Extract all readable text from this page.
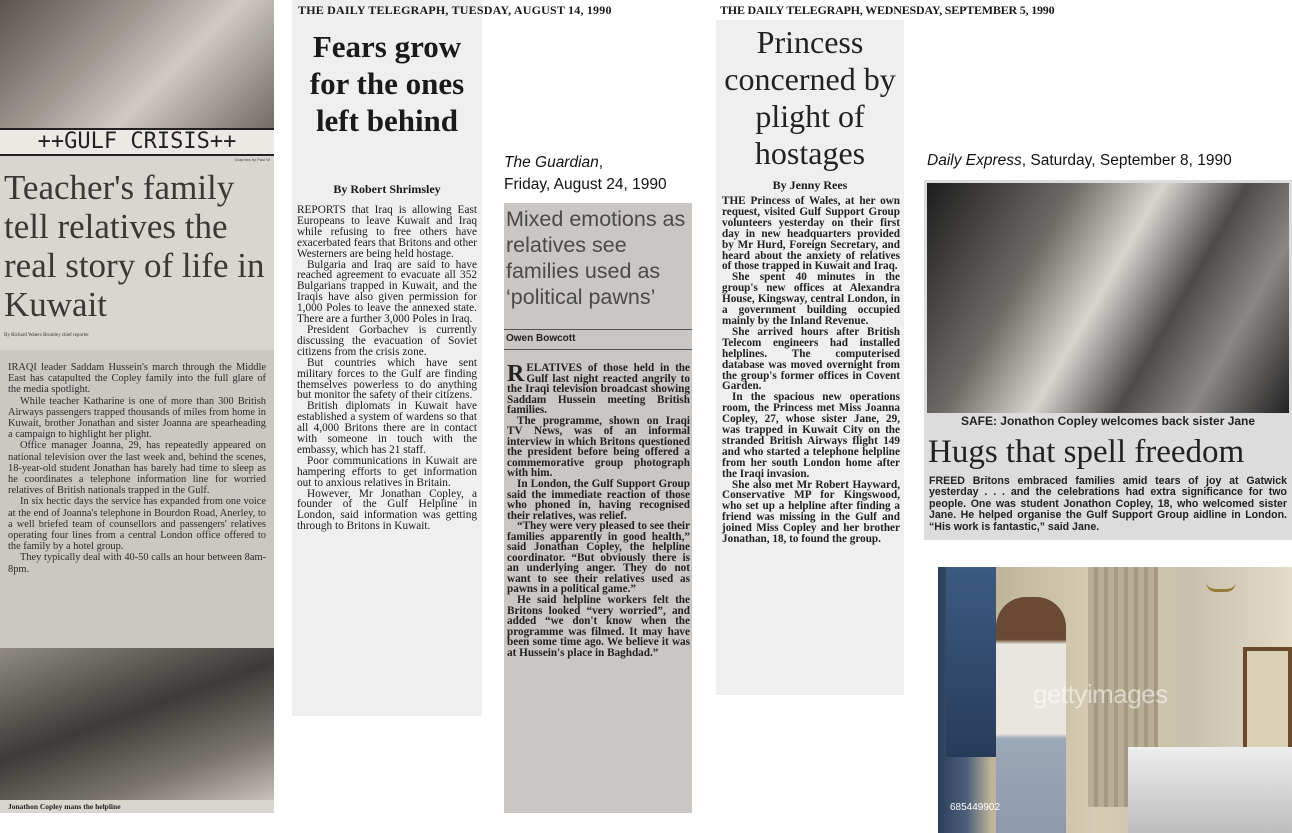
++GULF CRISIS++
Graphics by Paul W
Teacher's family tell relatives the real story of life in Kuwait
By Richard Waters Brumley chief reporter

IRAQI leader Saddam Hussein's march through the Middle East has catapulted the Copley family into the full glare of the media spotlight.

While teacher Katharine is one of more than 300 British Airways passengers trapped thousands of miles from home in Kuwait, brother Jonathan and sister Joanna are spearheading a campaign to highlight her plight.

Office manager Joanna, 29, has repeatedly appeared on national television over the last week and, behind the scenes, 18-year-old student Jonathan has barely had time to sleep as he coordinates a telephone information line for worried relatives of British nationals trapped in the Gulf.

In six hectic days the service has expanded from one voice at the end of Joanna's telephone in Bourdon Road, Anerley, to a well briefed team of counsellors and passengers' relatives operating four lines from a central London office offered to the family by a hotel group.

They typically deal with 40-50 calls an hour between 8am-8pm.

Jonathon Copley mans the helpline
THE DAILY TELEGRAPH, TUESDAY, AUGUST 14, 1990
Fears grow for the ones left behind
By Robert Shrimsley

REPORTS that Iraq is allowing East Europeans to leave Kuwait and Iraq while refusing to free others have exacerbated fears that Britons and other Westerners are being held hostage.

Bulgaria and Iraq are said to have reached agreement to evacuate all 352 Bulgarians trapped in Kuwait, and the Iraqis have also given permission for 1,000 Poles to leave the annexed state. There are a further 3,000 Poles in Iraq.

President Gorbachev is currently discussing the evacuation of Soviet citizens from the crisis zone.

But countries which have sent military forces to the Gulf are finding themselves powerless to do anything but monitor the safety of their citizens.

British diplomats in Kuwait have established a system of wardens so that all 4,000 Britons there are in contact with someone in touch with the embassy, which has 21 staff.

Poor communications in Kuwait are hampering efforts to get information out to anxious relatives in Britain.

However, Mr Jonathan Copley, a founder of the Gulf Helpline in London, said information was getting through to Britons in Kuwait.

The Guardian,
Friday, August 24, 1990
Mixed emotions as relatives see families used as ‘political pawns’
Owen Bowcott

RELATIVES of those held in the Gulf last night reacted angrily to the Iraqi television broadcast showing Saddam Hussein meeting British families.

The programme, shown on Iraqi TV News, was of an informal interview in which Britons questioned the president before being offered a commemorative group photograph with him.

In London, the Gulf Support Group said the immediate reaction of those who phoned in, having recognised their relatives, was relief.

“They were very pleased to see their families apparently in good health,” said Jonathan Copley, the helpline coordinator. “But obviously there is an underlying anger. They do not want to see their relatives used as pawns in a political game.”

He said helpline workers felt the Britons looked “very worried”, and added “we don't know when the programme was filmed. It may have been some time ago. We believe it was at Hussein's place in Baghdad.”

THE DAILY TELEGRAPH, WEDNESDAY, SEPTEMBER 5, 1990
Princess concerned by plight of hostages
By Jenny Rees

THE Princess of Wales, at her own request, visited Gulf Support Group volunteers yesterday on their first day in new headquarters provided by Mr Hurd, Foreign Secretary, and heard about the anxiety of relatives of those trapped in Kuwait and Iraq.

She spent 40 minutes in the group's new offices at Alexandra House, Kingsway, central London, in a government building occupied mainly by the Inland Revenue.

She arrived hours after British Telecom engineers had installed helplines. The computerised database was moved overnight from the group's former offices in Covent Garden.

In the spacious new operations room, the Princess met Miss Joanna Copley, 27, whose sister Jane, 29, was trapped in Kuwait City on the stranded British Airways flight 149 and who started a telephone helpline from her south London home after the Iraqi invasion.

She also met Mr Robert Hayward, Conservative MP for Kingswood, who set up a helpline after finding a friend was missing in the Gulf and joined Miss Copley and her brother Jonathan, 18, to found the group.

Daily Express, Saturday, September 8, 1990
SAFE: Jonathon Copley welcomes back sister Jane
Hugs that spell freedom
FREED Britons embraced families amid tears of joy at Gatwick yesterday . . . and the celebrations had extra significance for two people. One was student Jonathon Copley, 18, who welcomed sister Jane. He helped organise the Gulf Support Group aidline in London. “His work is fantastic,” said Jane.
gettyimages
685449902
